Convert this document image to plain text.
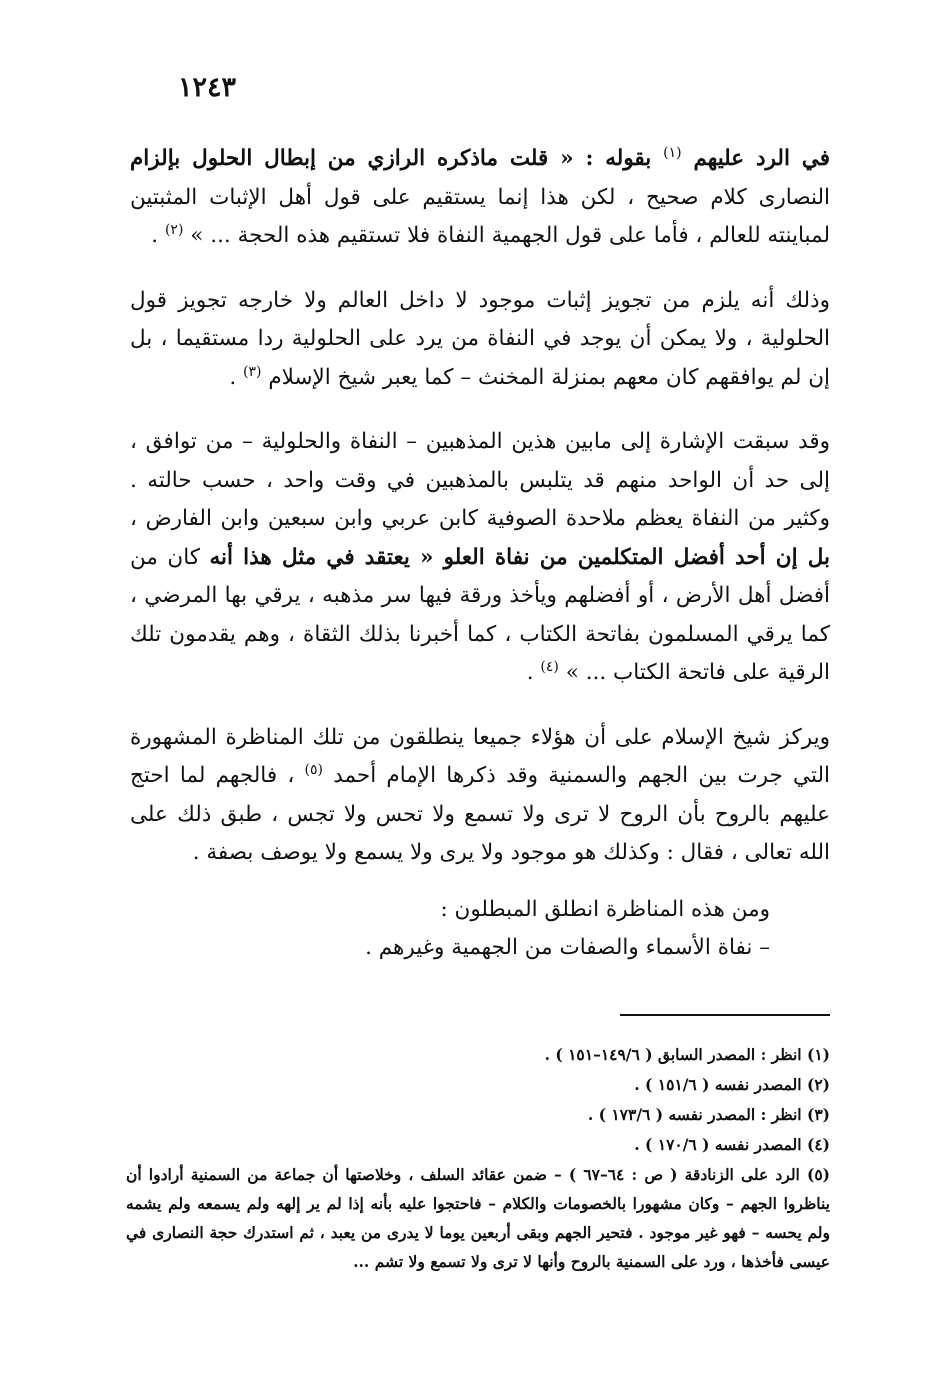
١٢٤٣

في الرد عليهم $^{(١)}$ بقوله : « قلت ماذكره الرازي من إبطال الحلول بإلزام النصارى كلام صحيح ، لكن هذا إنما يستقيم على قول أهل الإثبات المثبتين لمباينته للعالم ، فأما على قول الجهمية النفاة فلا تستقيم هذه الحجة ... » $^{(٢)}$ .

وذلك أنه يلزم من تجويز إثبات موجود لا داخل العالم ولا خارجه تجويز قول الحلولية ، ولا يمكن أن يوجد في النفاة من يرد على الحلولية ردا مستقيما ، بل إن لم يوافقهم كان معهم بمنزلة المخنث – كما يعبر شيخ الإسلام $^{(٣)}$ .

وقد سبقت الإشارة إلى مابين هذين المذهبين – النفاة والحلولية – من توافق ، إلى حد أن الواحد منهم قد يتلبس بالمذهبين في وقت واحد ، حسب حالته . وكثير من النفاة يعظم ملاحدة الصوفية كابن عربي وابن سبعين وابن الفارض ، بل إن أحد أفضل المتكلمين من نفاة العلو « يعتقد في مثل هذا أنه كان من أفضل أهل الأرض ، أو أفضلهم ويأخذ ورقة فيها سر مذهبه ، يرقي بها المرضي ، كما يرقي المسلمون بفاتحة الكتاب ، كما أخبرنا بذلك الثقاة ، وهم يقدمون تلك الرقية على فاتحة الكتاب ... » $^{(٤)}$ .

ويركز شيخ الإسلام على أن هؤلاء جميعا ينطلقون من تلك المناظرة المشهورة التي جرت بين الجهم والسمنية وقد ذكرها الإمام أحمد $^{(٥)}$ ، فالجهم لما احتج عليهم بالروح بأن الروح لا ترى ولا تسمع ولا تحس ولا تجس ، طبق ذلك على الله تعالى ، فقال : وكذلك هو موجود ولا يرى ولا يسمع ولا يوصف بصفة .

ومن هذه المناظرة انطلق المبطلون :

– نفاة الأسماء والصفات من الجهمية وغيرهم .

(١) انظر : المصدر السابق ( ١٤٩/٦–١٥١ ) .

(٢) المصدر نفسه ( ١٥١/٦ ) .

(٣) انظر : المصدر نفسه ( ١٧٣/٦ ) .

(٤) المصدر نفسه ( ١٧٠/٦ ) .

(٥) الرد على الزنادقة ( ص : ٦٤–٦٧ ) – ضمن عقائد السلف ، وخلاصتها أن جماعة من السمنية أرادوا أن يناظروا الجهم – وكان مشهورا بالخصومات والكلام – فاحتجوا عليه بأنه إذا لم ير إلهه ولم يسمعه ولم يشمه ولم يحسه – فهو غير موجود . فتحير الجهم وبقى أربعين يوما لا يدرى من يعبد ، ثم استدرك حجة النصارى في عيسى فأخذها ، ورد على السمنية بالروح وأنها لا ترى ولا تسمع ولا تشم ...
